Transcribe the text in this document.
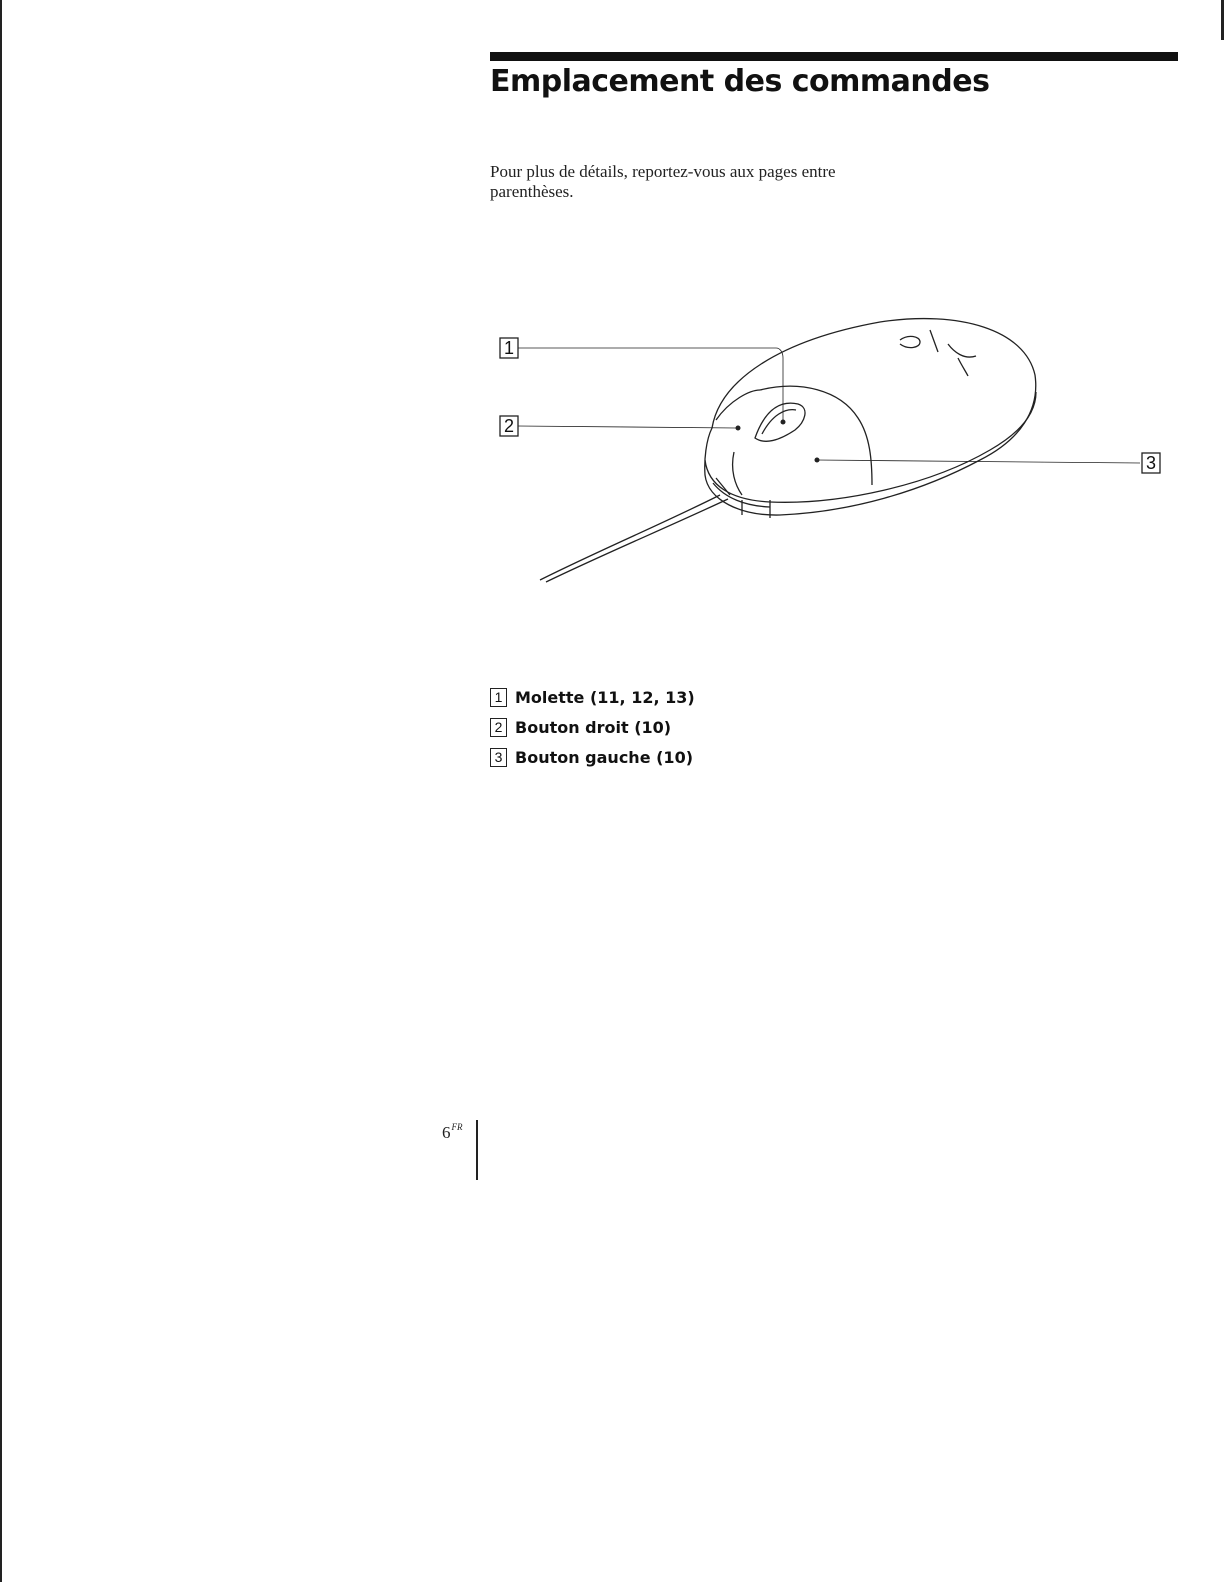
Emplacement des commandes

Pour plus de détails, reportez-vous aux pages entre parenthèses.

1
2
3
1 Molette (11, 12, 13)
2 Bouton droit (10)
3 Bouton gauche (10)
$6^{FR}$
